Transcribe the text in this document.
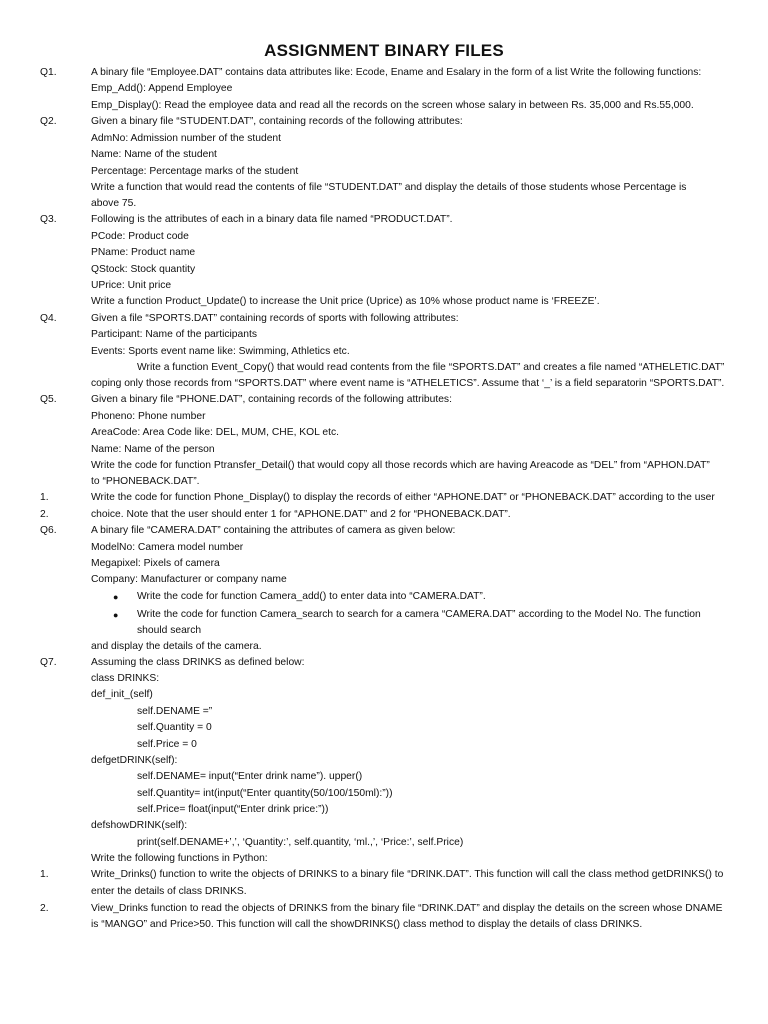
ASSIGNMENT BINARY FILES
Q1.	A binary file “Employee.DAT” contains data attributes like: Ecode, Ename and Esalary in the form of a list Write the following functions:
Emp_Add(): Append Employee
Emp_Display(): Read the employee data and read all the records on the screen whose salary in between Rs. 35,000 and Rs.55,000.
Q2.	Given a binary file “STUDENT.DAT”, containing records of the following attributes:
AdmNo: Admission number of the student
Name: Name of the student
Percentage: Percentage marks of the student
Write a function that would read the contents of file “STUDENT.DAT” and display the details of those students whose Percentage is
above 75.
Q3.	Following is the attributes of each in a binary data file named “PRODUCT.DAT”.
PCode: Product code
PName: Product name
QStock: Stock quantity
UPrice: Unit price
Write a function Product_Update() to increase the Unit price (Uprice) as 10% whose product name is ‘FREEZE’.
Q4.	Given a file “SPORTS.DAT” containing records of sports with following attributes:
Participant: Name of the participants
Events: Sports event name like: Swimming, Athletics etc.
Write a function Event_Copy() that would read contents from the file “SPORTS.DAT” and creates a file named “ATHELETIC.DAT”
coping only those records from “SPORTS.DAT” where event name is “ATHELETICS”. Assume that ‘_’ is a field separatorin “SPORTS.DAT”.
Q5.	Given a binary file “PHONE.DAT”, containing records of the following attributes:
Phoneno: Phone number
AreaCode: Area Code like: DEL, MUM, CHE, KOL etc.
Name: Name of the person
Write the code for function Ptransfer_Detail() that would copy all those records which are having Areacode as “DEL” from “APHON.DAT”
to “PHONEBACK.DAT”.
1.	Write the code for function Phone_Display() to display the records of either “APHONE.DAT” or “PHONEBACK.DAT” according to the user
2.	choice. Note that the user should enter 1 for “APHONE.DAT” and 2 for “PHONEBACK.DAT”.
Q6.	A binary file “CAMERA.DAT” containing the attributes of camera as given below:
ModelNo: Camera model number
Megapixel: Pixels of camera
Company: Manufacturer or company name
● Write the code for function Camera_add() to enter data into “CAMERA.DAT”.
● Write the code for function Camera_search to search for a camera “CAMERA.DAT” according to the Model No. The function
should search
and display the details of the camera.
Q7.	Assuming the class DRINKS as defined below:
class DRINKS:
def_init_(self)
self.DENAME =”
self.Quantity = 0
self.Price = 0
defgetDRINK(self):
self.DENAME= input(“Enter drink name”). upper()
self.Quantity= int(input(“Enter quantity(50/100/150ml):”))
self.Price= float(input(“Enter drink price:”))
defshowDRINK(self):
print(self.DENAME+’,’, ‘Quantity:’, self.quantity, ‘ml.,’, ‘Price:’, self.Price)
Write the following functions in Python:
1.	Write_Drinks() function to write the objects of DRINKS to a binary file “DRINK.DAT”. This function will call the class method getDRINKS() to
enter the details of class DRINKS.
2.	View_Drinks function to read the objects of DRINKS from the binary file “DRINK.DAT” and display the details on the screen whose DNAME
is “MANGO” and Price>50. This function will call the showDRINKS() class method to display the details of class DRINKS.
